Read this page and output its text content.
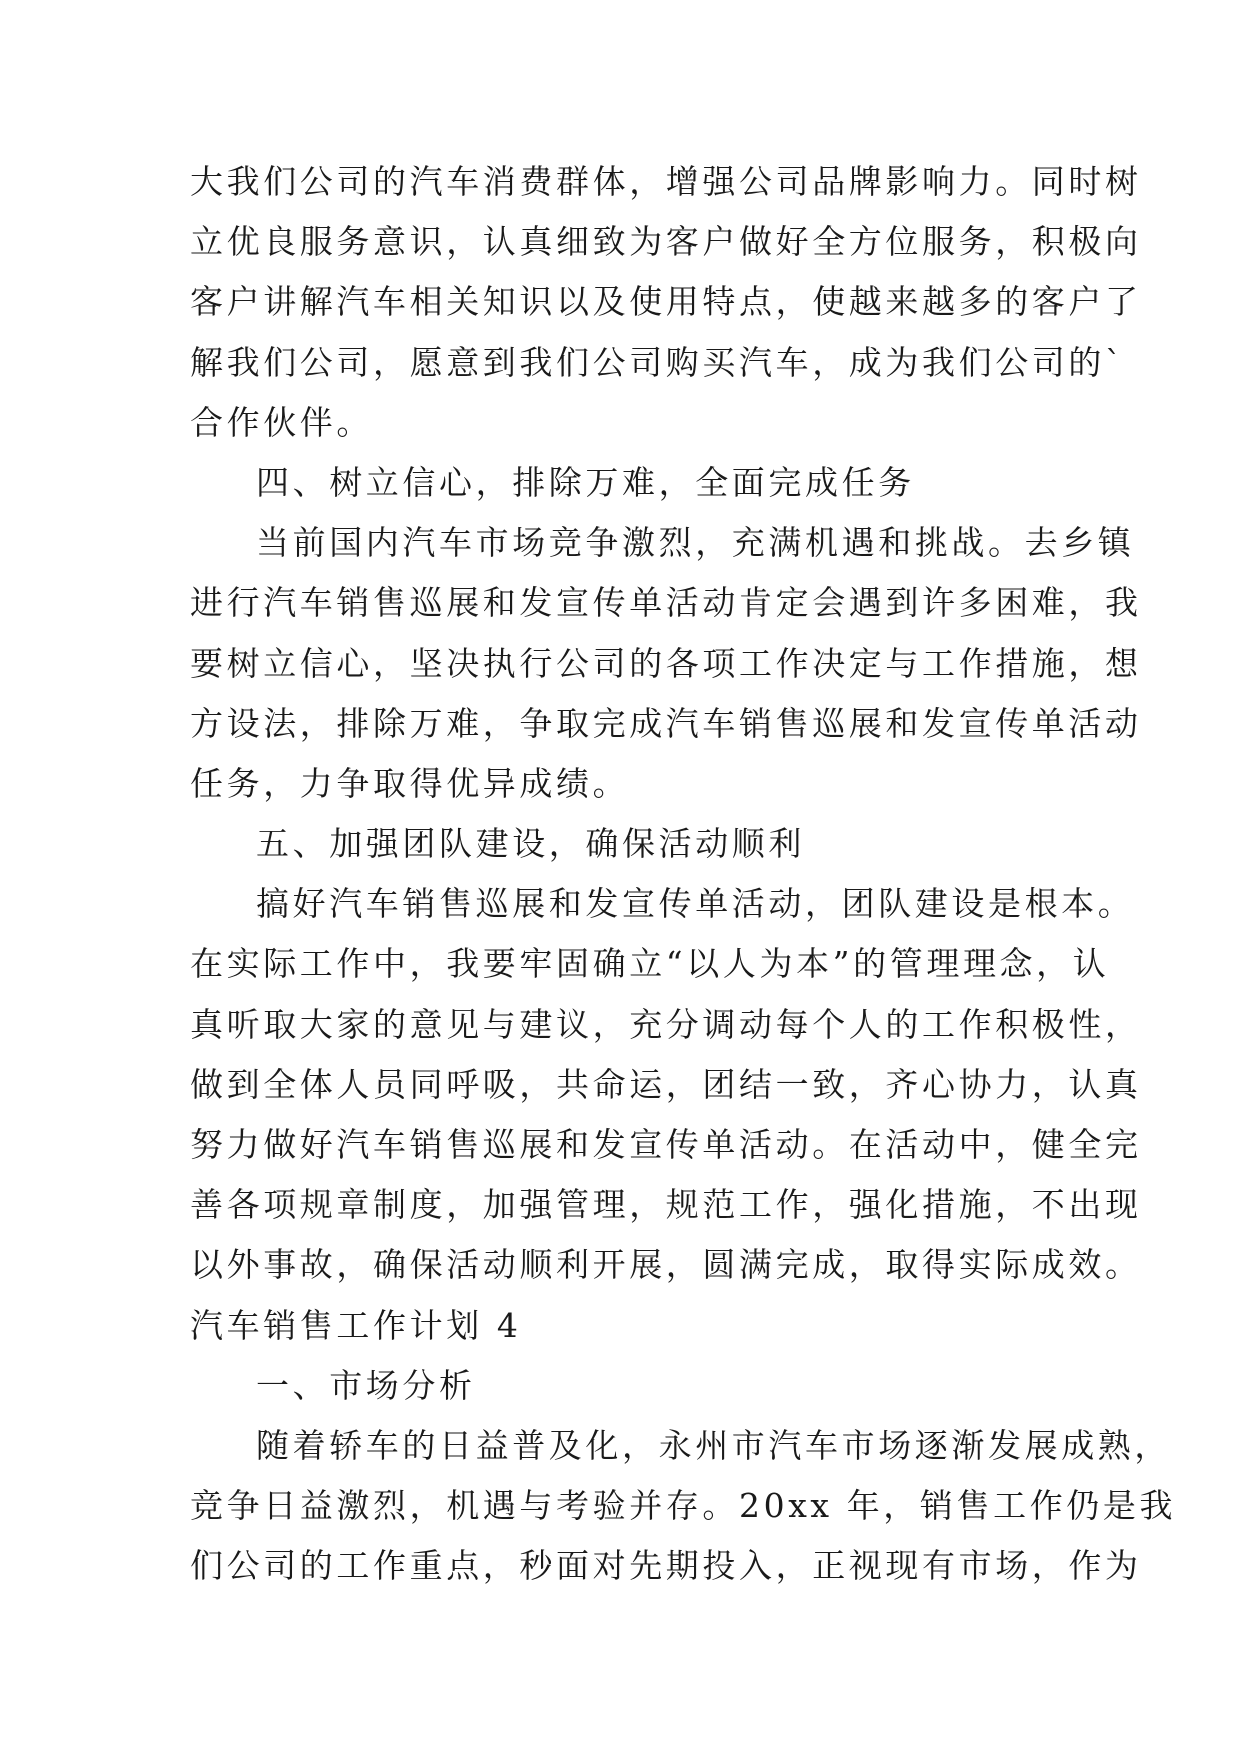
大我们公司的汽车消费群体，增强公司品牌影响力。同时树
立优良服务意识，认真细致为客户做好全方位服务，积极向
客户讲解汽车相关知识以及使用特点，使越来越多的客户了
解我们公司，愿意到我们公司购买汽车，成为我们公司的`
合作伙伴。
四、树立信心，排除万难，全面完成任务
当前国内汽车市场竞争激烈，充满机遇和挑战。去乡镇
进行汽车销售巡展和发宣传单活动肯定会遇到许多困难，我
要树立信心，坚决执行公司的各项工作决定与工作措施，想
方设法，排除万难，争取完成汽车销售巡展和发宣传单活动
任务，力争取得优异成绩。
五、加强团队建设，确保活动顺利
搞好汽车销售巡展和发宣传单活动，团队建设是根本。
在实际工作中，我要牢固确立“以人为本”的管理理念，认
真听取大家的意见与建议，充分调动每个人的工作积极性，
做到全体人员同呼吸，共命运，团结一致，齐心协力，认真
努力做好汽车销售巡展和发宣传单活动。在活动中，健全完
善各项规章制度，加强管理，规范工作，强化措施，不出现
以外事故，确保活动顺利开展，圆满完成，取得实际成效。
汽车销售工作计划 4
一、市场分析
随着轿车的日益普及化，永州市汽车市场逐渐发展成熟，
竞争日益激烈，机遇与考验并存。20xx 年，销售工作仍是我
们公司的工作重点，秒面对先期投入，正视现有市场，作为
